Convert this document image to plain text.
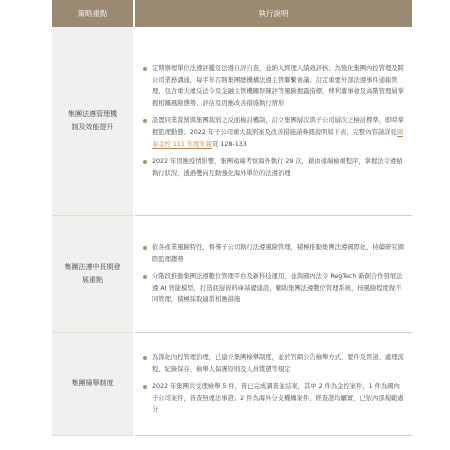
策略重點	執行說明
集團法遵管理機制及效能提升	定期辦理單位法遵評鑑及法遵自評自查，並納入經理人績效評核；為強化集團內控管理及跨公司業務溝通，每半年召開集團總機構法遵主管聯繫會議；訂定重要外部法遵事件通報管理，包含重大違反法令及金融主管機關祭陳評等風險揭露指標，俾利董事會及高階管理層掌握相關風險態勢、評估及因應改善措施執行情形
設置同業裁罰與集團裁罰之反面檢討機制，訂立集團層次與子公司層次之檢討標準，即時掌握監理動態；2022 年子公司重大裁罰案及改善措施請參閱說明如下表，完整內容請詳見國泰金控 111 年度年報頁 128-133
2022 年因應疫情影響，集團遠端考察海外執行 29 次，藉由遠端檢視程序，掌握法令遵循執行狀況，透過雙向互動強化海外單位的法遵治理

集團法遵中長期發展重點	依各產業風險特性，督導子公司執行法遵風險管理，積極推動集團法遵國際化，持續研究國際監理趨勢
分階段推動集團法遵數位管理平台及新科技運用，並與國內法令 RegTech 新創合作發展法遵 AI 智能模型，打造底層資料庫基礎建設，輔助集團法遵數位管理系統，按風險程度做不同管理，積極採取適當相應措施

集團檢舉制度	為深化內控管理治理，已建立集團檢舉制度，並於官網公告檢舉方式、要件及管道、處理流程、紀錄保存、檢舉人保護原則及人員獎懲等規定
2022 年集團共受理檢舉 5 件，皆已完成調查並結案，其中 2 件為金控案件，1 件為國內子公司案件，皆查無違法事證；2 件為海外分支機構案件，經查證均屬實，已依內部規範處分
